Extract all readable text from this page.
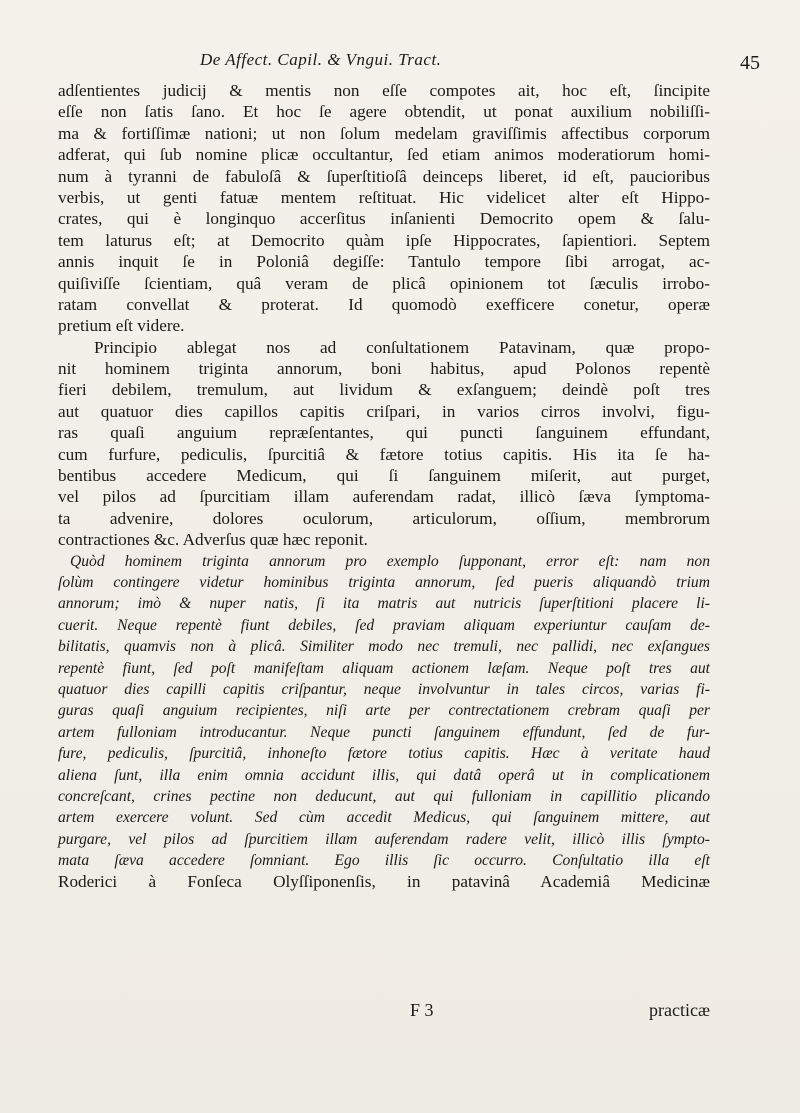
De Affect. Capil. & Vngui. Tract.	45
adſentientes judicij & mentis non eſſe compotes ait, hoc eſt, ſincipite
eſſe non ſatis ſano. Et hoc ſe agere obtendit, ut ponat auxilium nobiliſſi-
ma & fortiſſimæ nationi; ut non ſolum medelam graviſſimis affectibus corporum
adferat, qui ſub nomine plicæ occultantur, ſed etiam animos moderatiorum homi-
num à tyranni de fabuloſâ & ſuperſtitioſâ deinceps liberet, id eſt, paucioribus
verbis, ut genti fatuæ mentem reſtituat. Hic videlicet alter eſt Hippo-
crates, qui è longinquo accerſitus inſanienti Democrito opem & ſalu-
tem laturus eſt; at Democrito quàm ipſe Hippocrates, ſapientiori. Septem
annis inquit ſe in Poloniâ degiſſe: Tantulo tempore ſibi arrogat, ac-
quiſiviſſe ſcientiam, quâ veram de plicâ opinionem tot ſæculis irrobo-
ratam convellat & proterat. Id quomodò exefficere conetur, operæ
pretium eſt videre.
Principio ablegat nos ad conſultationem Patavinam, quæ propo-
nit hominem triginta annorum, boni habitus, apud Polonos repentè
fieri debilem, tremulum, aut lividum & exſanguem; deindè poſt tres
aut quatuor dies capillos capitis criſpari, in varios cirros involvi, figu-
ras quaſi anguium repræſentantes, qui puncti ſanguinem effundant,
cum furfure, pediculis, ſpurcitiâ & fætore totius capitis. His ita ſe ha-
bentibus accedere Medicum, qui ſi ſanguinem miſerit, aut purget,
vel pilos ad ſpurcitiam illam auferendam radat, illicò ſæva ſymptoma-
ta advenire, dolores oculorum, articulorum, oſſium, membrorum
contractiones &c. Adverſus quæ hæc reponit.
Quòd hominem triginta annorum pro exemplo ſupponant, error eſt: nam non
ſolùm contingere videtur hominibus triginta annorum, ſed pueris aliquandò trium
annorum; imò & nuper natis, ſi ita matris aut nutricis ſuperſtitioni placere li-
cuerit. Neque repentè fiunt debiles, ſed praviam aliquam experiuntur cauſam de-
bilitatis, quamvis non à plicâ. Similiter modo nec tremuli, nec pallidi, nec exſangues
repentè fiunt, ſed poſt manifeſtam aliquam actionem læſam. Neque poſt tres aut
quatuor dies capilli capitis criſpantur, neque involvuntur in tales circos, varias fi-
guras quaſi anguium recipientes, niſi arte per contrectationem crebram quaſi per
artem fulloniam introducantur. Neque puncti ſanguinem effundunt, ſed de fur-
fure, pediculis, ſpurcitiâ, inhoneſto fætore totius capitis. Hæc à veritate haud
aliena ſunt, illa enim omnia accidunt illis, qui datâ operâ ut in complicationem
concreſcant, crines pectine non deducunt, aut qui fulloniam in capillitio plicando
artem exercere volunt. Sed cùm accedit Medicus, qui ſanguinem mittere, aut
purgare, vel pilos ad ſpurcitiem illam auferendam radere velit, illicò illis ſympto-
mata ſæva accedere ſomniant. Ego illis ſic occurro. Conſultatio illa eſt
Roderici à Fonſeca Olyſſiponenſis, in patavinâ Academiâ Medicinæ
F 3	practicæ
